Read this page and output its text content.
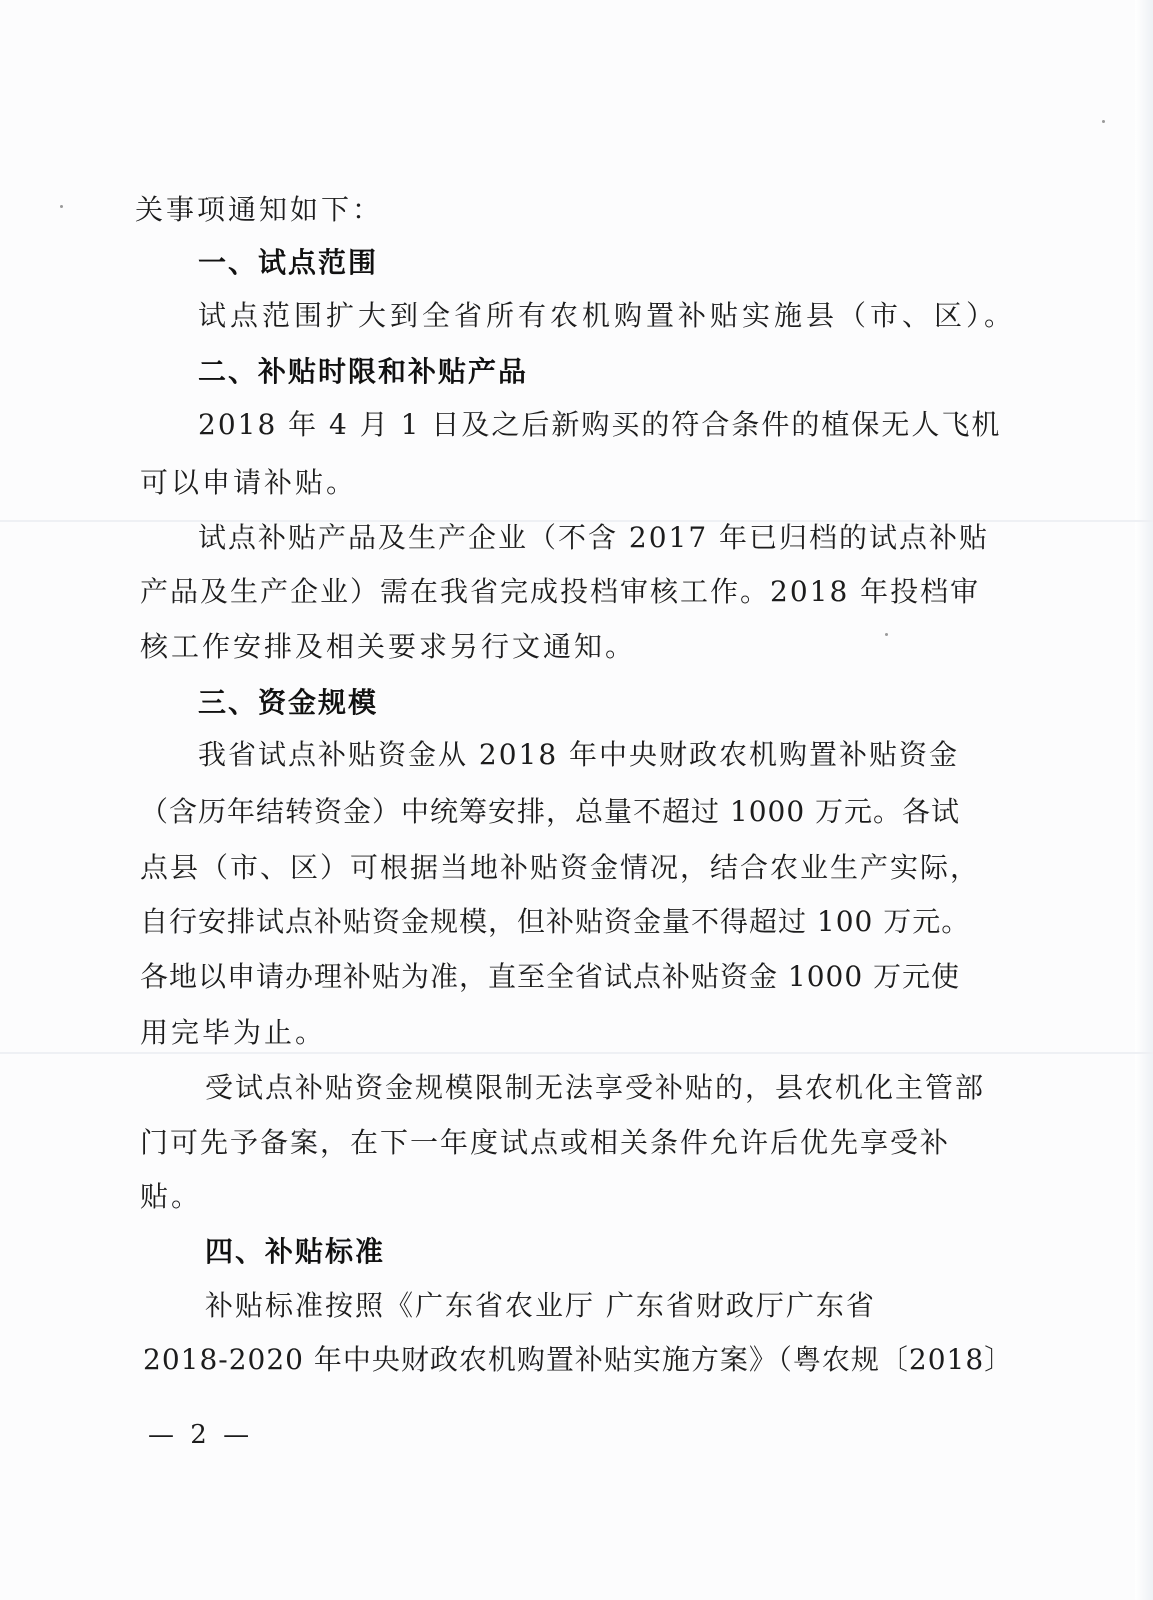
关事项通知如下：
一、试点范围
试点范围扩大到全省所有农机购置补贴实施县（市、区）。
二、补贴时限和补贴产品
2018 年 4 月 1 日及之后新购买的符合条件的植保无人飞机
可以申请补贴。
试点补贴产品及生产企业（不含 2017 年已归档的试点补贴
产品及生产企业）需在我省完成投档审核工作。2018 年投档审
核工作安排及相关要求另行文通知。
三、资金规模
我省试点补贴资金从 2018 年中央财政农机购置补贴资金
（含历年结转资金）中统筹安排，总量不超过 1000 万元。各试
点县（市、区）可根据当地补贴资金情况，结合农业生产实际，
自行安排试点补贴资金规模，但补贴资金量不得超过 100 万元。
各地以申请办理补贴为准，直至全省试点补贴资金 1000 万元使
用完毕为止。
受试点补贴资金规模限制无法享受补贴的，县农机化主管部
门可先予备案，在下一年度试点或相关条件允许后优先享受补
贴。
四、补贴标准
补贴标准按照《广东省农业厅 广东省财政厅广东省
2018-2020 年中央财政农机购置补贴实施方案》（粤农规〔2018〕
— 2 —
